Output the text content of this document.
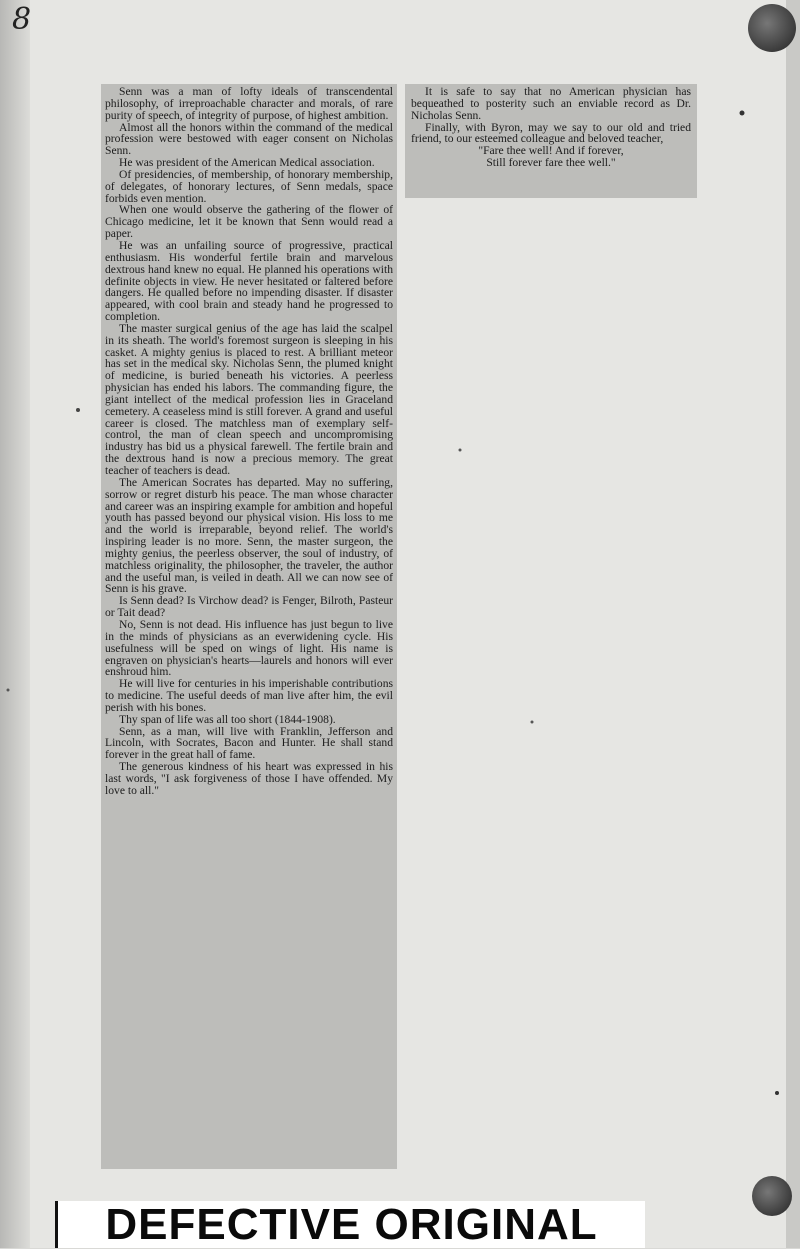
8

Senn was a man of lofty ideals of transcendental philosophy, of irreproachable character and morals, of rare purity of speech, of integrity of purpose, of highest ambition.

Almost all the honors within the command of the medical profession were bestowed with eager consent on Nicholas Senn.

He was president of the American Medical association.

Of presidencies, of membership, of honorary membership, of delegates, of honorary lectures, of Senn medals, space forbids even mention.

When one would observe the gathering of the flower of Chicago medicine, let it be known that Senn would read a paper.

He was an unfailing source of progressive, practical enthusiasm. His wonderful fertile brain and marvelous dextrous hand knew no equal. He planned his operations with definite objects in view. He never hesitated or faltered before dangers. He qualled before no impending disaster. If disaster appeared, with cool brain and steady hand he progressed to completion.

The master surgical genius of the age has laid the scalpel in its sheath. The world's foremost surgeon is sleeping in his casket. A mighty genius is placed to rest. A brilliant meteor has set in the medical sky. Nicholas Senn, the plumed knight of medicine, is buried beneath his victories. A peerless physician has ended his labors. The commanding figure, the giant intellect of the medical profession lies in Graceland cemetery. A ceaseless mind is still forever. A grand and useful career is closed. The matchless man of exemplary self-control, the man of clean speech and uncompromising industry has bid us a physical farewell. The fertile brain and the dextrous hand is now a precious memory. The great teacher of teachers is dead.

The American Socrates has departed. May no suffering, sorrow or regret disturb his peace. The man whose character and career was an inspiring example for ambition and hopeful youth has passed beyond our physical vision. His loss to me and the world is irreparable, beyond relief. The world's inspiring leader is no more. Senn, the master surgeon, the mighty genius, the peerless observer, the soul of industry, of matchless originality, the philosopher, the traveler, the author and the useful man, is veiled in death. All we can now see of Senn is his grave.

Is Senn dead? Is Virchow dead? is Fenger, Bilroth, Pasteur or Tait dead?

No, Senn is not dead. His influence has just begun to live in the minds of physicians as an everwidening cycle. His usefulness will be sped on wings of light. His name is engraven on physician's hearts—laurels and honors will ever enshroud him.

He will live for centuries in his imperishable contributions to medicine. The useful deeds of man live after him, the evil perish with his bones.

Thy span of life was all too short (1844-1908).

Senn, as a man, will live with Franklin, Jefferson and Lincoln, with Socrates, Bacon and Hunter. He shall stand forever in the great hall of fame.

The generous kindness of his heart was expressed in his last words, "I ask forgiveness of those I have offended. My love to all."

It is safe to say that no American physician has bequeathed to posterity such an enviable record as Dr. Nicholas Senn.

Finally, with Byron, may we say to our old and tried friend, to our esteemed colleague and beloved teacher,

"Fare thee well! And if forever,

Still forever fare thee well."

DEFECTIVE ORIGINAL
